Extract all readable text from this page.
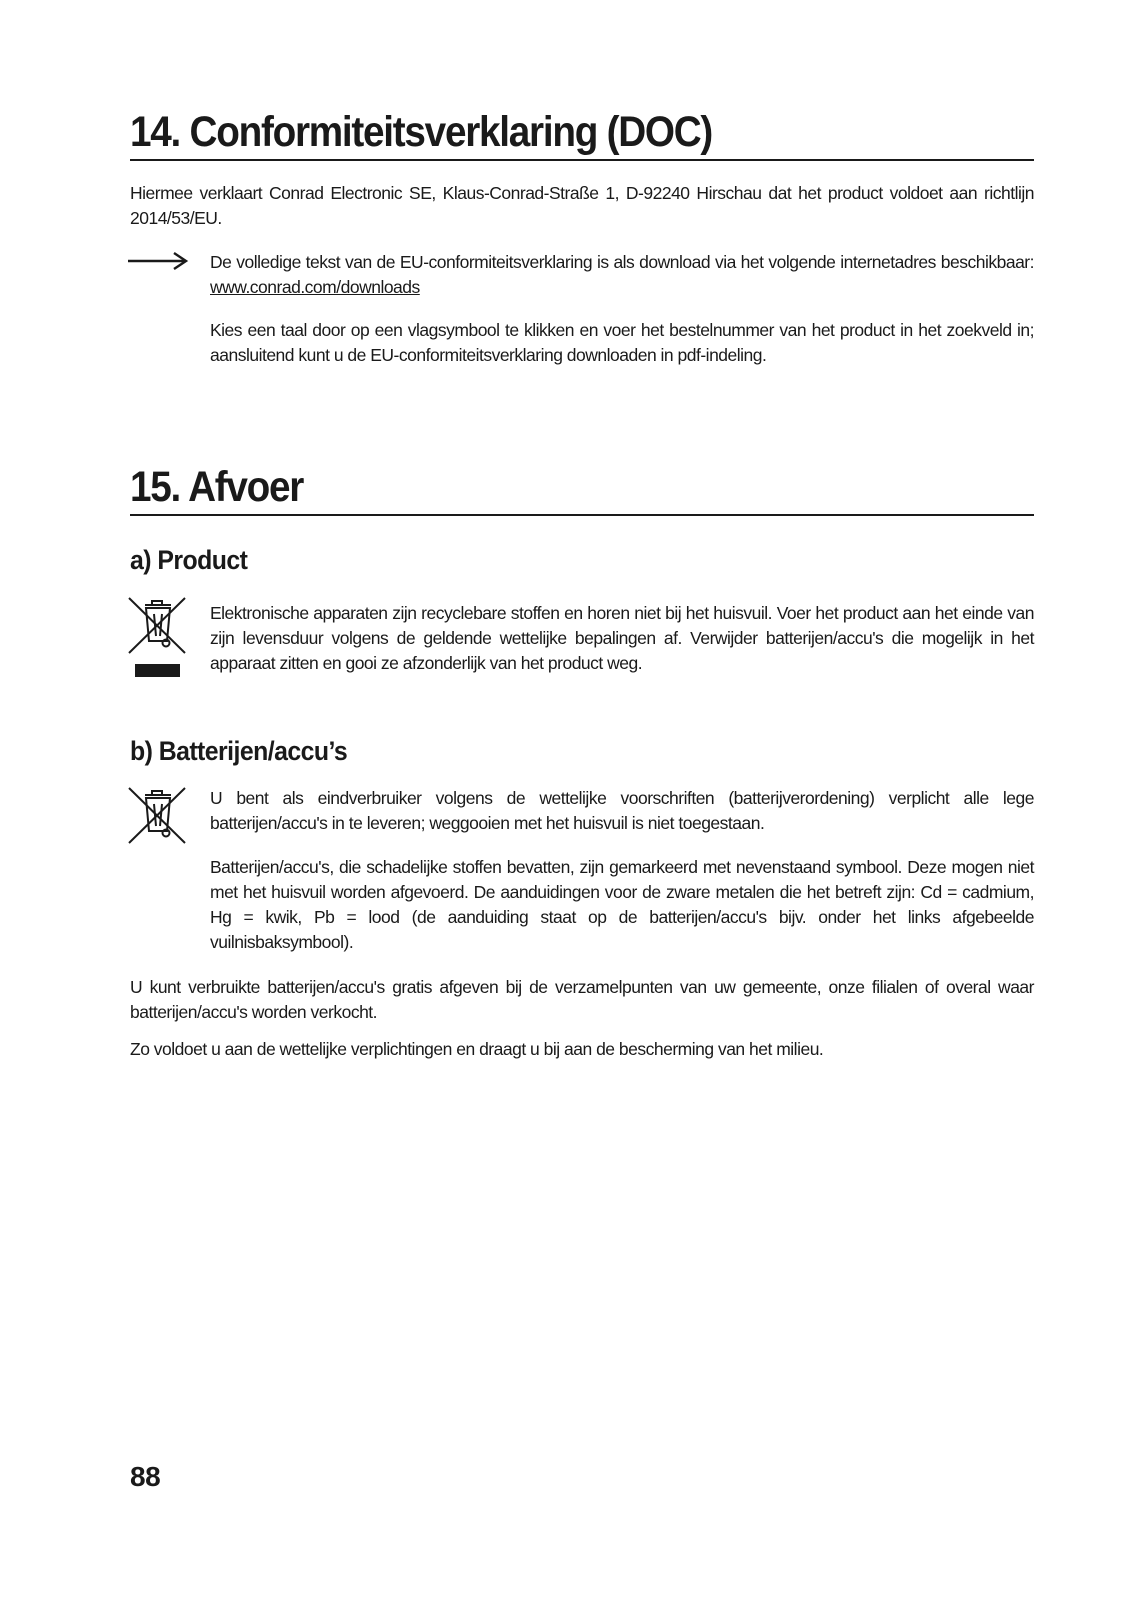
14. Conformiteitsverklaring (DOC)

Hiermee verklaart Conrad Electronic SE, Klaus-Conrad-Straße 1, D-92240 Hirschau dat het product voldoet aan richtlijn 2014/53/EU.

De volledige tekst van de EU-conformiteitsverklaring is als download via het volgende internetadres beschikbaar: www.conrad.com/downloads

Kies een taal door op een vlagsymbool te klikken en voer het bestelnummer van het product in het zoekveld in; aansluitend kunt u de EU-conformiteitsverklaring downloaden in pdf-indeling.

15. Afvoer

a) Product

Elektronische apparaten zijn recyclebare stoffen en horen niet bij het huisvuil. Voer het product aan het einde van zijn levensduur volgens de geldende wettelijke bepalingen af. Verwijder batterijen/accu's die mogelijk in het apparaat zitten en gooi ze afzonderlijk van het product weg.

b) Batterijen/accu’s

U bent als eindverbruiker volgens de wettelijke voorschriften (batterijverordening) verplicht alle lege batterijen/accu's in te leveren; weggooien met het huisvuil is niet toegestaan.

Batterijen/accu's, die schadelijke stoffen bevatten, zijn gemarkeerd met nevenstaand symbool. Deze mogen niet met het huisvuil worden afgevoerd. De aanduidingen voor de zware metalen die het betreft zijn: Cd = cadmium, Hg = kwik, Pb = lood (de aanduiding staat op de batterijen/accu's bijv. onder het links afgebeelde vuilnisbaksymbool).

U kunt verbruikte batterijen/accu's gratis afgeven bij de verzamelpunten van uw gemeente, onze filialen of overal waar batterijen/accu's worden verkocht.

Zo voldoet u aan de wettelijke verplichtingen en draagt u bij aan de bescherming van het milieu.

88
